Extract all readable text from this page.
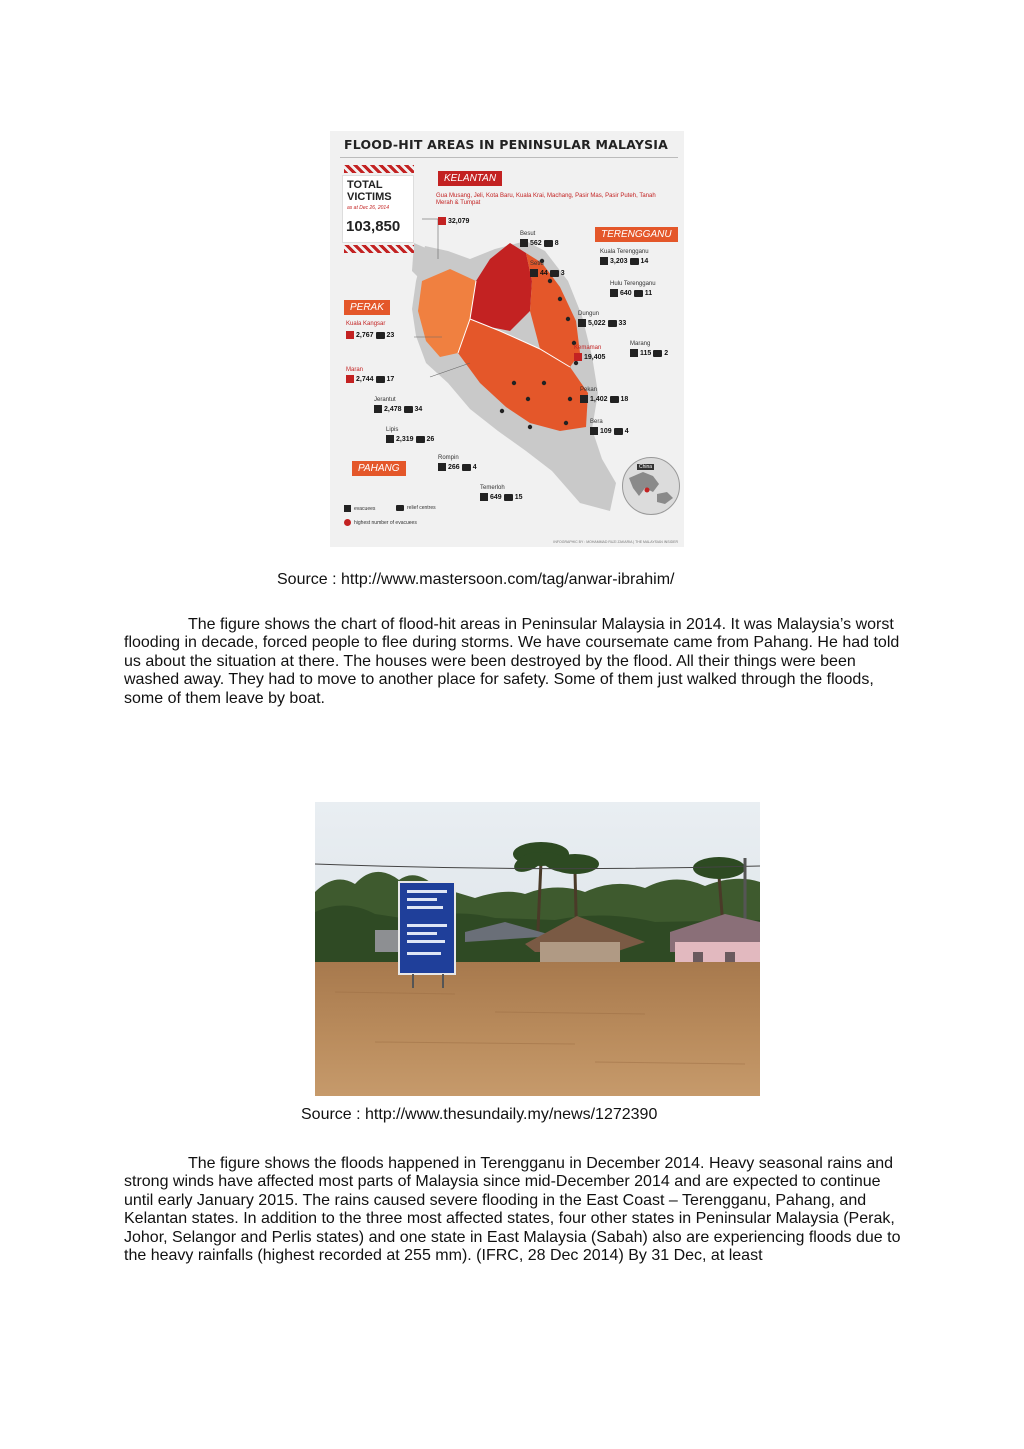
FLOOD-HIT AREAS IN PENINSULAR MALAYSIA
TOTAL VICTIMS
as at Dec 26, 2014
103,850
KELANTAN
Gua Musang, Jeli, Kota Baru, Kuala Krai, Machang, Pasir Mas, Pasir Puteh, Tanah Merah & Tumpat
32,079
TERENGGANU
PERAK
Kuala Kangsar
2,767 23
PAHANG
Besut
562 8
Setiu
44 3
Kuala Terengganu
3,203 14
Hulu Terengganu
640 11
Dungun
5,022 33
Marang
115 2
Kemaman
19,405
Maran
2,744 17
Jerantut
2,478 34
Lipis
2,319 26
Pekan
1,402 18
Bera
109 4
Rompin
266 4
Temerloh
649 15
evacuees	relief centres
highest number of evacuees
China
INFOGRAPHIC BY : MOHAMMAD RUZI ZAKARIA | THE MALAYSIAN INSIDER
Source : http://www.mastersoon.com/tag/anwar-ibrahim/

The figure shows the chart of flood-hit areas in Peninsular Malaysia in 2014. It was Malaysia’s worst flooding in decade, forced people to flee during storms. We have coursemate came from Pahang. He had told us about the situation at there. The houses were been destroyed by the flood. All their things were been washed away. They had to move to another place for safety. Some of them just walked through the floods, some of them leave by boat.

Source : http://www.thesundaily.my/news/1272390

The figure shows the floods happened in Terengganu in December 2014. Heavy seasonal rains and strong winds have affected most parts of Malaysia since mid-December 2014 and are expected to continue until early January 2015. The rains caused severe flooding in the East Coast – Terengganu, Pahang, and Kelantan states. In addition to the three most affected states, four other states in Peninsular Malaysia (Perak, Johor, Selangor and Perlis states) and one state in East Malaysia (Sabah) also are experiencing floods due to the heavy rainfalls (highest recorded at 255 mm). (IFRC, 28 Dec 2014) By 31 Dec, at least
